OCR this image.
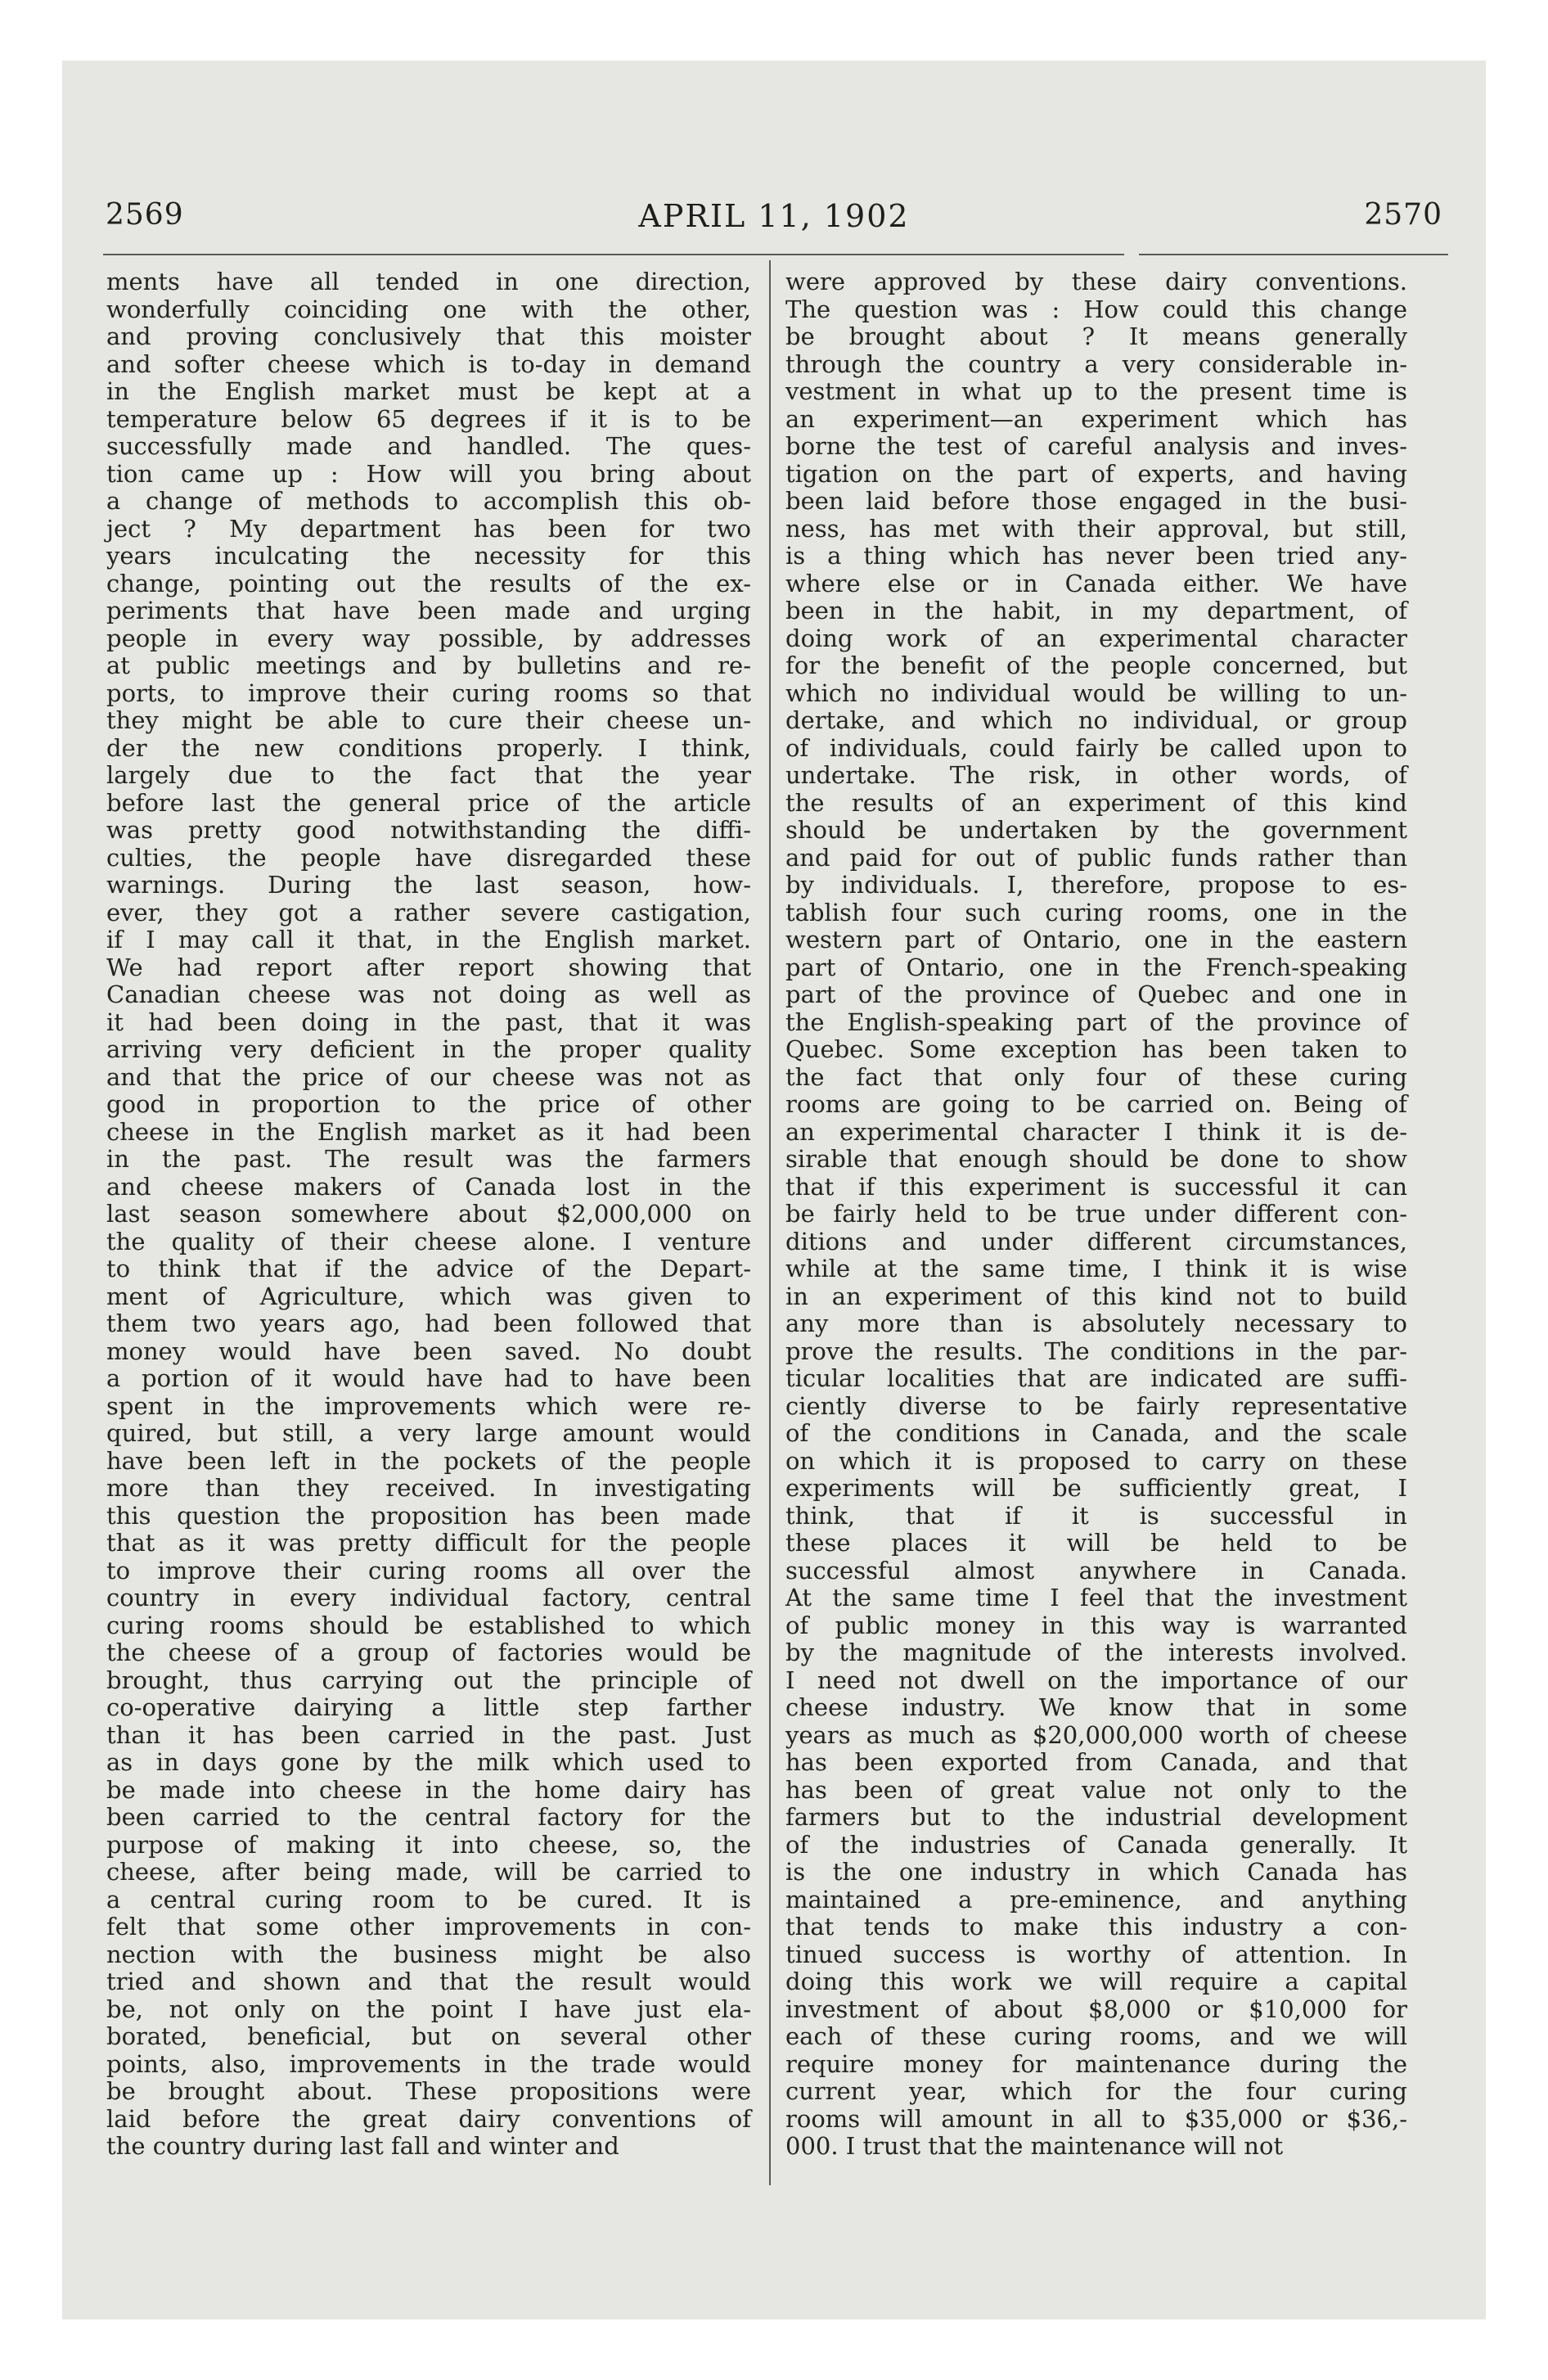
2569	APRIL 11, 1902	2570
ments have all tended in one direction,
wonderfully coinciding one with the other,
and proving conclusively that this moister
and softer cheese which is to-day in demand
in the English market must be kept at a
temperature below 65 degrees if it is to be
successfully made and handled. The ques-
tion came up : How will you bring about
a change of methods to accomplish this ob-
ject ? My department has been for two
years inculcating the necessity for this
change, pointing out the results of the ex-
periments that have been made and urging
people in every way possible, by addresses
at public meetings and by bulletins and re-
ports, to improve their curing rooms so that
they might be able to cure their cheese un-
der the new conditions properly. I think,
largely due to the fact that the year
before last the general price of the article
was pretty good notwithstanding the diffi-
culties, the people have disregarded these
warnings. During the last season, how-
ever, they got a rather severe castigation,
if I may call it that, in the English market.
We had report after report showing that
Canadian cheese was not doing as well as
it had been doing in the past, that it was
arriving very deficient in the proper quality
and that the price of our cheese was not as
good in proportion to the price of other
cheese in the English market as it had been
in the past. The result was the farmers
and cheese makers of Canada lost in the
last season somewhere about $2,000,000 on
the quality of their cheese alone. I venture
to think that if the advice of the Depart-
ment of Agriculture, which was given to
them two years ago, had been followed that
money would have been saved. No doubt
a portion of it would have had to have been
spent in the improvements which were re-
quired, but still, a very large amount would
have been left in the pockets of the people
more than they received. In investigating
this question the proposition has been made
that as it was pretty difficult for the people
to improve their curing rooms all over the
country in every individual factory, central
curing rooms should be established to which
the cheese of a group of factories would be
brought, thus carrying out the principle of
co-operative dairying a little step farther
than it has been carried in the past. Just
as in days gone by the milk which used to
be made into cheese in the home dairy has
been carried to the central factory for the
purpose of making it into cheese, so, the
cheese, after being made, will be carried to
a central curing room to be cured. It is
felt that some other improvements in con-
nection with the business might be also
tried and shown and that the result would
be, not only on the point I have just ela-
borated, beneficial, but on several other
points, also, improvements in the trade would
be brought about. These propositions were
laid before the great dairy conventions of
the country during last fall and winter and
were approved by these dairy conventions.
The question was : How could this change
be brought about ? It means generally
through the country a very considerable in-
vestment in what up to the present time is
an experiment—an experiment which has
borne the test of careful analysis and inves-
tigation on the part of experts, and having
been laid before those engaged in the busi-
ness, has met with their approval, but still,
is a thing which has never been tried any-
where else or in Canada either. We have
been in the habit, in my department, of
doing work of an experimental character
for the benefit of the people concerned, but
which no individual would be willing to un-
dertake, and which no individual, or group
of individuals, could fairly be called upon to
undertake. The risk, in other words, of
the results of an experiment of this kind
should be undertaken by the government
and paid for out of public funds rather than
by individuals. I, therefore, propose to es-
tablish four such curing rooms, one in the
western part of Ontario, one in the eastern
part of Ontario, one in the French-speaking
part of the province of Quebec and one in
the English-speaking part of the province of
Quebec. Some exception has been taken to
the fact that only four of these curing
rooms are going to be carried on. Being of
an experimental character I think it is de-
sirable that enough should be done to show
that if this experiment is successful it can
be fairly held to be true under different con-
ditions and under different circumstances,
while at the same time, I think it is wise
in an experiment of this kind not to build
any more than is absolutely necessary to
prove the results. The conditions in the par-
ticular localities that are indicated are suffi-
ciently diverse to be fairly representative
of the conditions in Canada, and the scale
on which it is proposed to carry on these
experiments will be sufficiently great, I
think, that if it is successful in
these places it will be held to be
successful almost anywhere in Canada.
At the same time I feel that the investment
of public money in this way is warranted
by the magnitude of the interests involved.
I need not dwell on the importance of our
cheese industry. We know that in some
years as much as $20,000,000 worth of cheese
has been exported from Canada, and that
has been of great value not only to the
farmers but to the industrial development
of the industries of Canada generally. It
is the one industry in which Canada has
maintained a pre-eminence, and anything
that tends to make this industry a con-
tinued success is worthy of attention. In
doing this work we will require a capital
investment of about $8,000 or $10,000 for
each of these curing rooms, and we will
require money for maintenance during the
current year, which for the four curing
rooms will amount in all to $35,000 or $36,-
000. I trust that the maintenance will not
